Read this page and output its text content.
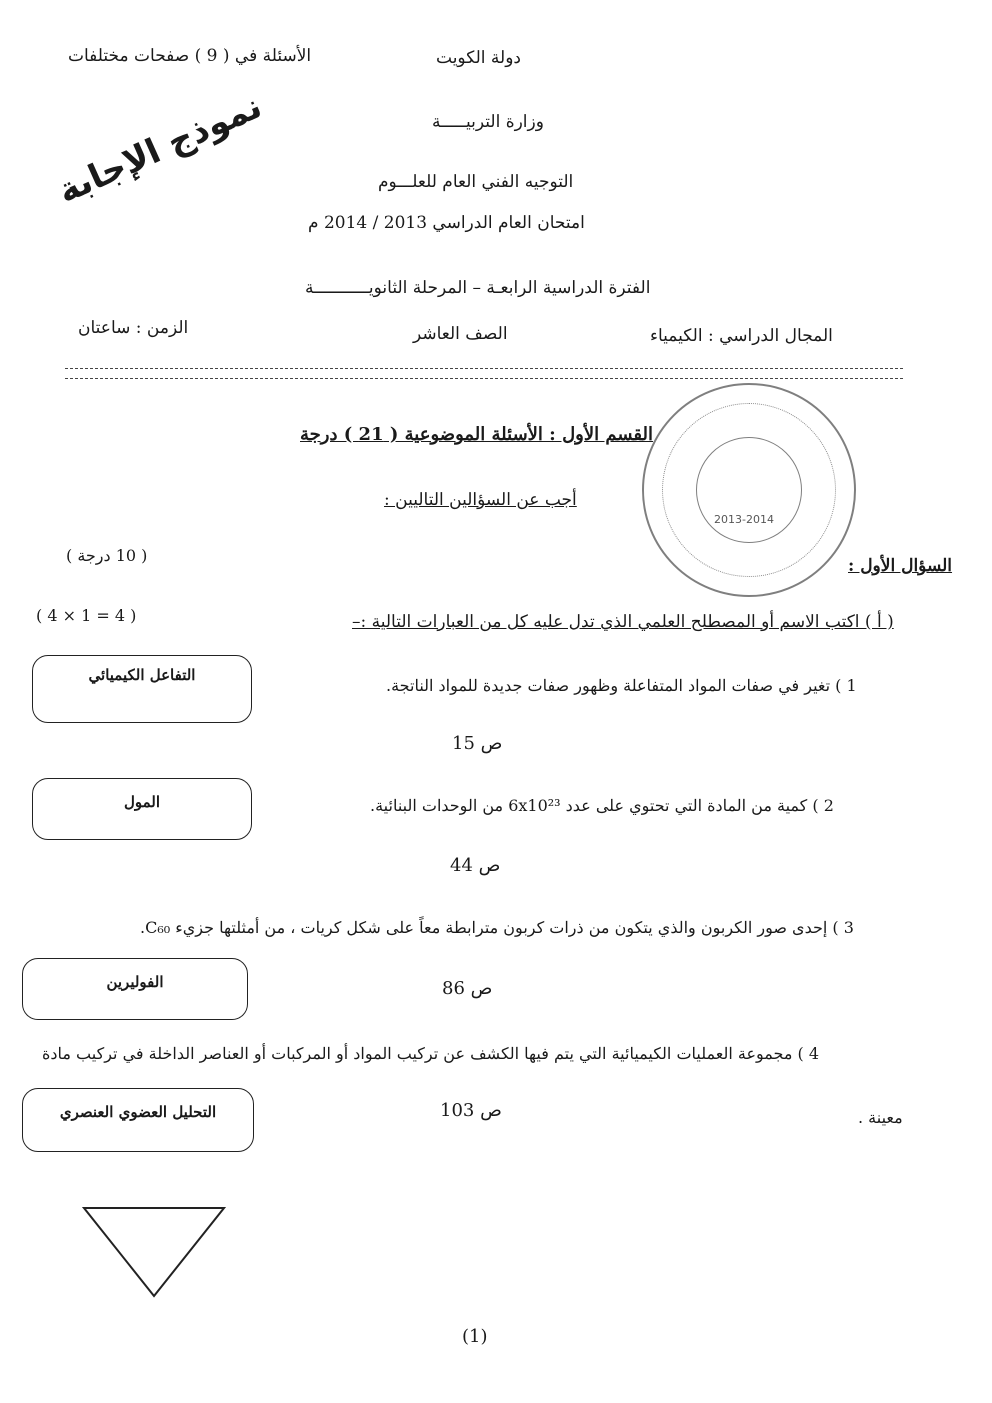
الأسئلة في ( 9 ) صفحات مختلفات	دولة الكويت
وزارة التربيـــــة
التوجيه الفني العام للعلـــوم
امتحان العام الدراسي 2013 / 2014 م
الفترة الدراسية الرابعـة – المرحلة الثانويـــــــــــة
الزمن : ساعتان	الصف العاشر	المجال الدراسي : الكيمياء
نموذج الإجابة
2013-2014
القسم الأول : الأسئلة الموضوعية ( 21 ) درجة
أجب عن السؤالين التاليين :
( 10 درجة )
السؤال الأول :
( 4 = 1 × 4 )	( أ ) اكتب الاسم أو المصطلح العلمي الذي تدل عليه كل من العبارات التالية :–
التفاعل الكيميائي
1 ) تغير في صفات المواد المتفاعلة وظهور صفات جديدة للمواد الناتجة.
ص 15
المول	2 ) كمية من المادة التي تحتوي على عدد 6x10²³ من الوحدات البنائية.
ص 44
3 ) إحدى صور الكربون والذي يتكون من ذرات كربون مترابطة معاً على شكل كريات ، من أمثلتها جزيء C₆₀.
الفوليرين	ص 86
4 ) مجموعة العمليات الكيميائية التي يتم فيها الكشف عن تركيب المواد أو المركبات أو العناصر الداخلة في تركيب مادة
معينة .
التحليل العضوي العنصري	ص 103
(1)
